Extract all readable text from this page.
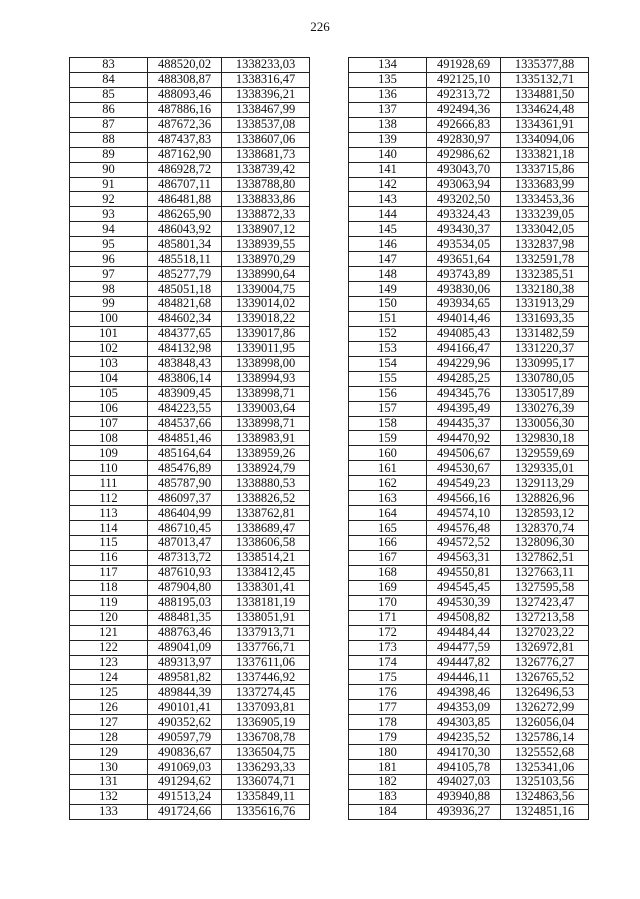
226
83	488520,02	1338233,03
84	488308,87	1338316,47
85	488093,46	1338396,21
86	487886,16	1338467,99
87	487672,36	1338537,08
88	487437,83	1338607,06
89	487162,90	1338681,73
90	486928,72	1338739,42
91	486707,11	1338788,80
92	486481,88	1338833,86
93	486265,90	1338872,33
94	486043,92	1338907,12
95	485801,34	1338939,55
96	485518,11	1338970,29
97	485277,79	1338990,64
98	485051,18	1339004,75
99	484821,68	1339014,02
100	484602,34	1339018,22
101	484377,65	1339017,86
102	484132,98	1339011,95
103	483848,43	1338998,00
104	483806,14	1338994,93
105	483909,45	1338998,71
106	484223,55	1339003,64
107	484537,66	1338998,71
108	484851,46	1338983,91
109	485164,64	1338959,26
110	485476,89	1338924,79
111	485787,90	1338880,53
112	486097,37	1338826,52
113	486404,99	1338762,81
114	486710,45	1338689,47
115	487013,47	1338606,58
116	487313,72	1338514,21
117	487610,93	1338412,45
118	487904,80	1338301,41
119	488195,03	1338181,19
120	488481,35	1338051,91
121	488763,46	1337913,71
122	489041,09	1337766,71
123	489313,97	1337611,06
124	489581,82	1337446,92
125	489844,39	1337274,45
126	490101,41	1337093,81
127	490352,62	1336905,19
128	490597,79	1336708,78
129	490836,67	1336504,75
130	491069,03	1336293,33
131	491294,62	1336074,71
132	491513,24	1335849,11
133	491724,66	1335616,76
134	491928,69	1335377,88
135	492125,10	1335132,71
136	492313,72	1334881,50
137	492494,36	1334624,48
138	492666,83	1334361,91
139	492830,97	1334094,06
140	492986,62	1333821,18
141	493043,70	1333715,86
142	493063,94	1333683,99
143	493202,50	1333453,36
144	493324,43	1333239,05
145	493430,37	1333042,05
146	493534,05	1332837,98
147	493651,64	1332591,78
148	493743,89	1332385,51
149	493830,06	1332180,38
150	493934,65	1331913,29
151	494014,46	1331693,35
152	494085,43	1331482,59
153	494166,47	1331220,37
154	494229,96	1330995,17
155	494285,25	1330780,05
156	494345,76	1330517,89
157	494395,49	1330276,39
158	494435,37	1330056,30
159	494470,92	1329830,18
160	494506,67	1329559,69
161	494530,67	1329335,01
162	494549,23	1329113,29
163	494566,16	1328826,96
164	494574,10	1328593,12
165	494576,48	1328370,74
166	494572,52	1328096,30
167	494563,31	1327862,51
168	494550,81	1327663,11
169	494545,45	1327595,58
170	494530,39	1327423,47
171	494508,82	1327213,58
172	494484,44	1327023,22
173	494477,59	1326972,81
174	494447,82	1326776,27
175	494446,11	1326765,52
176	494398,46	1326496,53
177	494353,09	1326272,99
178	494303,85	1326056,04
179	494235,52	1325786,14
180	494170,30	1325552,68
181	494105,78	1325341,06
182	494027,03	1325103,56
183	493940,88	1324863,56
184	493936,27	1324851,16
